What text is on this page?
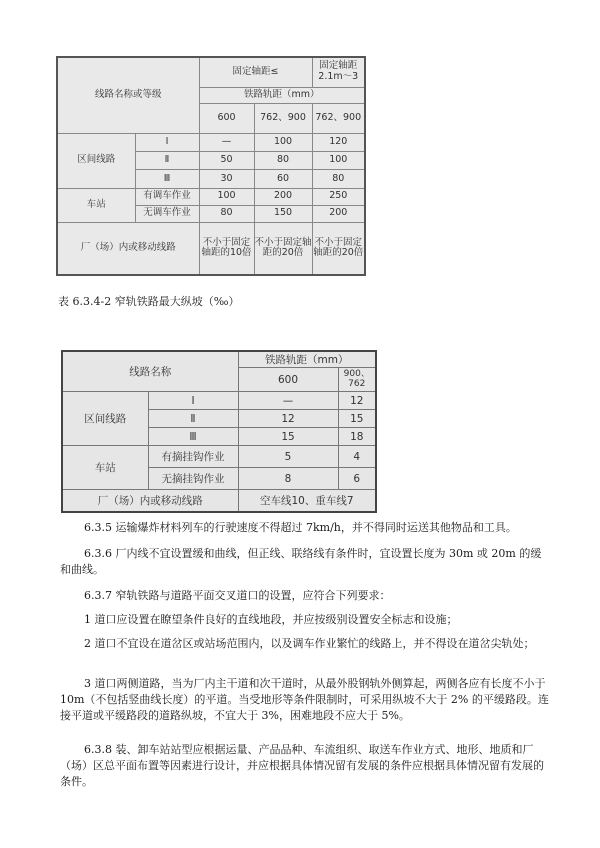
线路名称或等级		固定轴距≤		固定轴距 2.1m～3
		铁路轨距（mm）		
		600	762、900	762、900
区间线路	Ⅰ	—	100	120
	Ⅱ	50	80	100
	Ⅲ	30	60	80
车站	有调车作业	100	200	250
	无调车作业	80	150	200
厂（场）内或移动线路		不小于固定轴距的10倍	不小于固定轴距的20倍	不小于固定轴距的20倍
表 6.3.4-2 窄轨铁路最大纵坡（‰）
线路名称		铁路轨距（mm）	
		600	900、762
区间线路	Ⅰ	—	12
	Ⅱ	12	15
	Ⅲ	15	18
车站	有摘挂钩作业	5	4
	无摘挂钩作业	8	6
厂（场）内或移动线路		空车线10、重车线7	

6.3.5 运输爆炸材料列车的行驶速度不得超过 7km/h，并不得同时运送其他物品和工具。

6.3.6 厂内线不宜设置缓和曲线，但正线、联络线有条件时，宜设置长度为 30m 或 20m 的缓和曲线。

6.3.7 窄轨铁路与道路平面交叉道口的设置，应符合下列要求：

1 道口应设置在瞭望条件良好的直线地段，并应按级别设置安全标志和设施；

2 道口不宜设在道岔区或站场范围内，以及调车作业繁忙的线路上，并不得设在道岔尖轨处；

3 道口两侧道路，当为厂内主干道和次干道时，从最外股钢轨外侧算起，两侧各应有长度不小于 10m（不包括竖曲线长度）的平道。当受地形等条件限制时，可采用纵坡不大于 2% 的平缓路段。连接平道或平缓路段的道路纵坡，不宜大于 3%，困难地段不应大于 5%。

6.3.8 装、卸车站站型应根据运量、产品品种、车流组织、取送车作业方式、地形、地质和厂（场）区总平面布置等因素进行设计，并应根据具体情况留有发展的条件应根据具体情况留有发展的条件。
